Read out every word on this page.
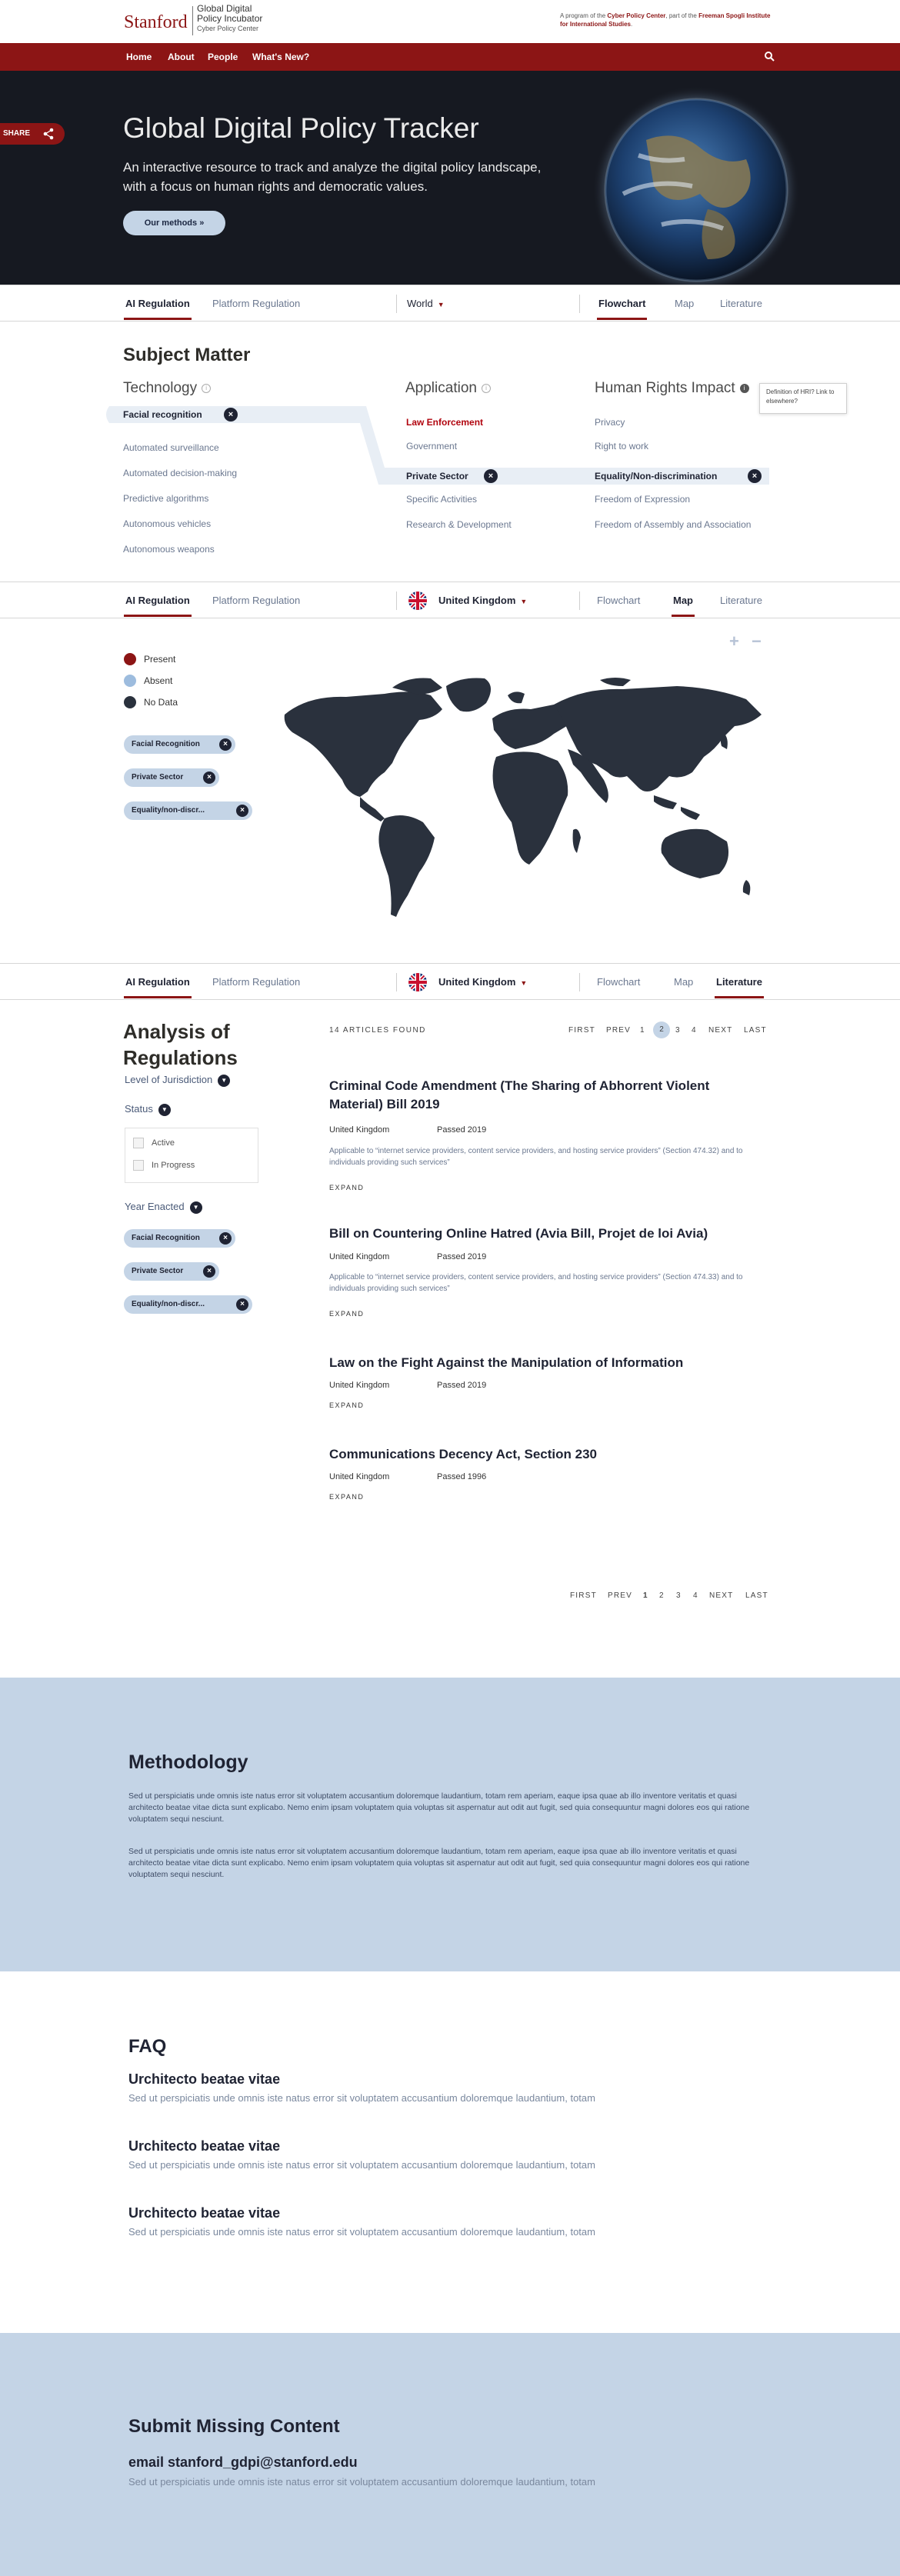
Stanford
Global Digital
Policy Incubator
Cyber Policy Center
A program of the Cyber Policy Center, part of the Freeman Spogli Institute for International Studies.
Home About People What's New?
SHARE	Global Digital Policy Tracker

An interactive resource to track and analyze the digital policy landscape, with a focus on human rights and democratic values.

Our methods »
AI Regulation Platform Regulation	World ▼	Flowchart	Map	Literature
Subject Matter
Technology i	Application i	Human Rights Impact i
Facial recognition	×
Automated surveillance
Automated decision-making
Predictive algorithms
Autonomous vehicles
Autonomous weapons
Law Enforcement
Government
Private Sector	×
Specific Activities
Research & Development
Privacy
Right to work
Equality/Non-discrimination	×
Freedom of Expression
Freedom of Assembly and Association
Definition of HRI? Link to elsewhere?
AI Regulation Platform Regulation	United Kingdom ▼	Flowchart	Map	Literature
Present
Absent
No Data
Facial Recognition	×
Private Sector	×
Equality/non-discr...	×
+ −
AI Regulation Platform Regulation	United Kingdom ▼	Flowchart	Map Literature
Analysis of Regulations
Level of Jurisdiction ▼
Status ▼
Active
In Progress
Year Enacted ▼
Facial Recognition	×
Private Sector	×
Equality/non-discr...	×
14 ARTICLES FOUND	FIRST PREV 1	2	3 4 NEXT LAST
Criminal Code Amendment (The Sharing of Abhorrent Violent Material) Bill 2019
United Kingdom	Passed 2019
Applicable to “internet service providers, content service providers, and hosting service providers” (Section 474.32) and to individuals providing such services”
EXPAND
Bill on Countering Online Hatred (Avia Bill, Projet de loi Avia)
United Kingdom	Passed 2019
Applicable to “internet service providers, content service providers, and hosting service providers” (Section 474.33) and to individuals providing such services”
EXPAND
Law on the Fight Against the Manipulation of Information
United Kingdom	Passed 2019
EXPAND
Communications Decency Act, Section 230
United Kingdom	Passed 1996
EXPAND
FIRST PREV 1 2 3 4 NEXT LAST
Methodology

Sed ut perspiciatis unde omnis iste natus error sit voluptatem accusantium doloremque laudantium, totam rem aperiam, eaque ipsa quae ab illo inventore veritatis et quasi architecto beatae vitae dicta sunt explicabo. Nemo enim ipsam voluptatem quia voluptas sit aspernatur aut odit aut fugit, sed quia consequuntur magni dolores eos qui ratione voluptatem sequi nesciunt.

Sed ut perspiciatis unde omnis iste natus error sit voluptatem accusantium doloremque laudantium, totam rem aperiam, eaque ipsa quae ab illo inventore veritatis et quasi architecto beatae vitae dicta sunt explicabo. Nemo enim ipsam voluptatem quia voluptas sit aspernatur aut odit aut fugit, sed quia consequuntur magni dolores eos qui ratione voluptatem sequi nesciunt.

FAQ
Urchitecto beatae vitae
Sed ut perspiciatis unde omnis iste natus error sit voluptatem accusantium doloremque laudantium, totam
Urchitecto beatae vitae
Sed ut perspiciatis unde omnis iste natus error sit voluptatem accusantium doloremque laudantium, totam
Urchitecto beatae vitae
Sed ut perspiciatis unde omnis iste natus error sit voluptatem accusantium doloremque laudantium, totam
Submit Missing Content
email stanford_gdpi@stanford.edu
Sed ut perspiciatis unde omnis iste natus error sit voluptatem accusantium doloremque laudantium, totam
